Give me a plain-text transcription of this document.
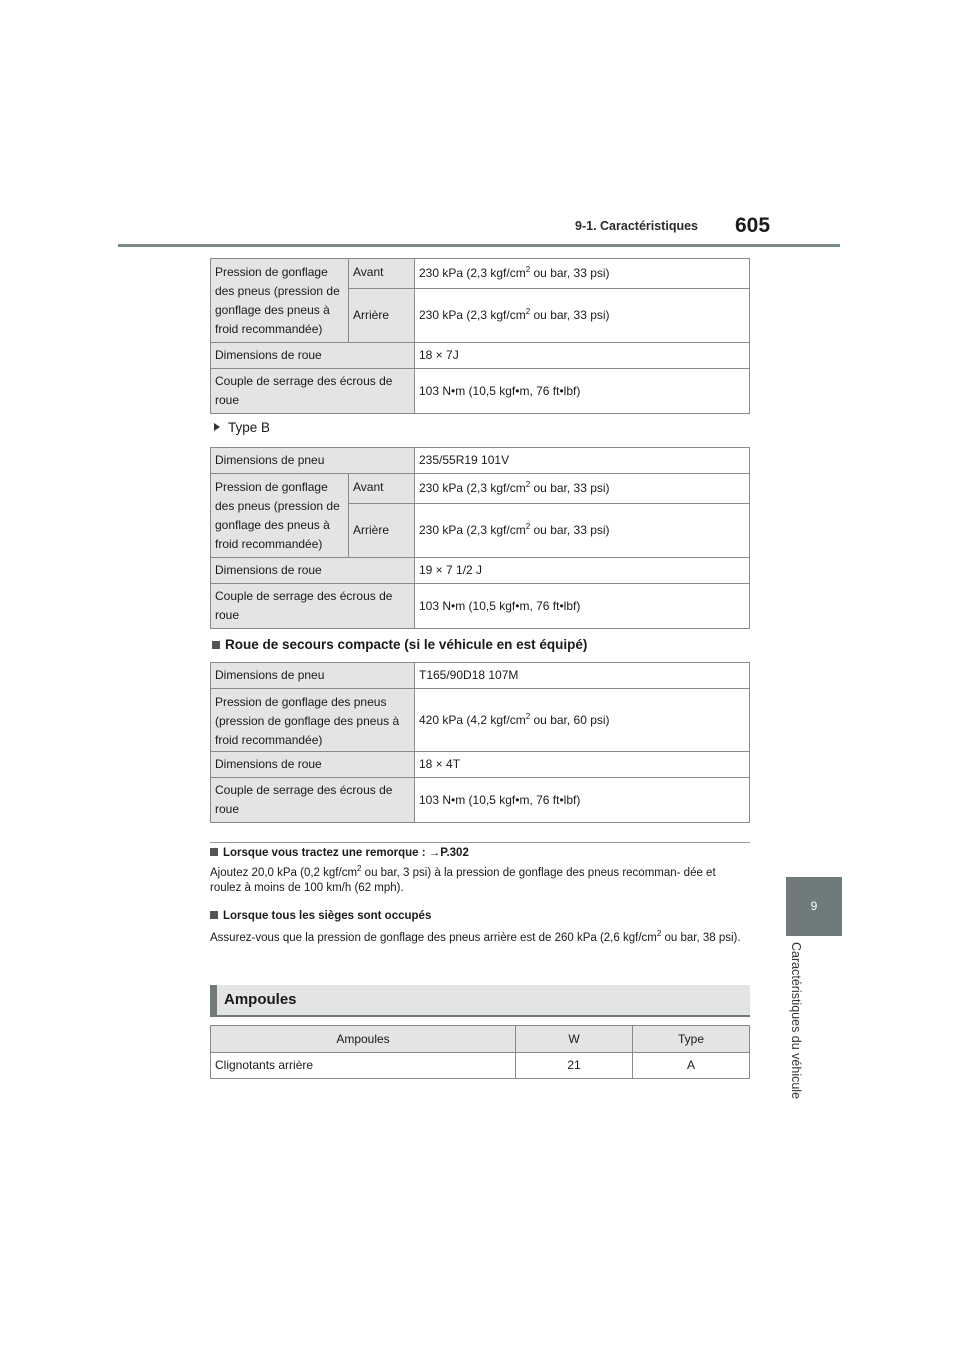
9-1. Caractéristiques 605
9
Caractéristiques du véhicule
Pression de gonflage des pneus (pression de gonflage des pneus à froid recommandée)	Avant	230 kPa (2,3 kgf/$cm^2$ ou bar, 33 psi)
	Arrière	230 kPa (2,3 kgf/$cm^2$ ou bar, 33 psi)
Dimensions de roue		18 × 7J
Couple de serrage des écrous de roue		103 N•m (10,5 kgf•m, 76 ft•lbf)
Type B
Dimensions de pneu		235/55R19 101V
Pression de gonflage des pneus (pression de gonflage des pneus à froid recommandée)	Avant	230 kPa (2,3 kgf/$cm^2$ ou bar, 33 psi)
	Arrière	230 kPa (2,3 kgf/$cm^2$ ou bar, 33 psi)
Dimensions de roue		19 × 7 1/2 J
Couple de serrage des écrous de roue		103 N•m (10,5 kgf•m, 76 ft•lbf)
Roue de secours compacte (si le véhicule en est équipé)
Dimensions de pneu	T165/90D18 107M
Pression de gonflage des pneus (pression de gonflage des pneus à froid recommandée)	420 kPa (4,2 kgf/$cm^2$ ou bar, 60 psi)
Dimensions de roue	18 × 4T
Couple de serrage des écrous de roue	103 N•m (10,5 kgf•m, 76 ft•lbf)
Lorsque vous tractez une remorque : →P.302
Ajoutez 20,0 kPa (0,2 kgf/$cm^2$ ou bar, 3 psi) à la pression de gonflage des pneus recomman- dée et roulez à moins de 100 km/h (62 mph).
Lorsque tous les sièges sont occupés
Assurez-vous que la pression de gonflage des pneus arrière est de 260 kPa (2,6 kgf/$cm^2$ ou bar, 38 psi).
Ampoules
Ampoules	W	Type
Clignotants arrière	21	A
